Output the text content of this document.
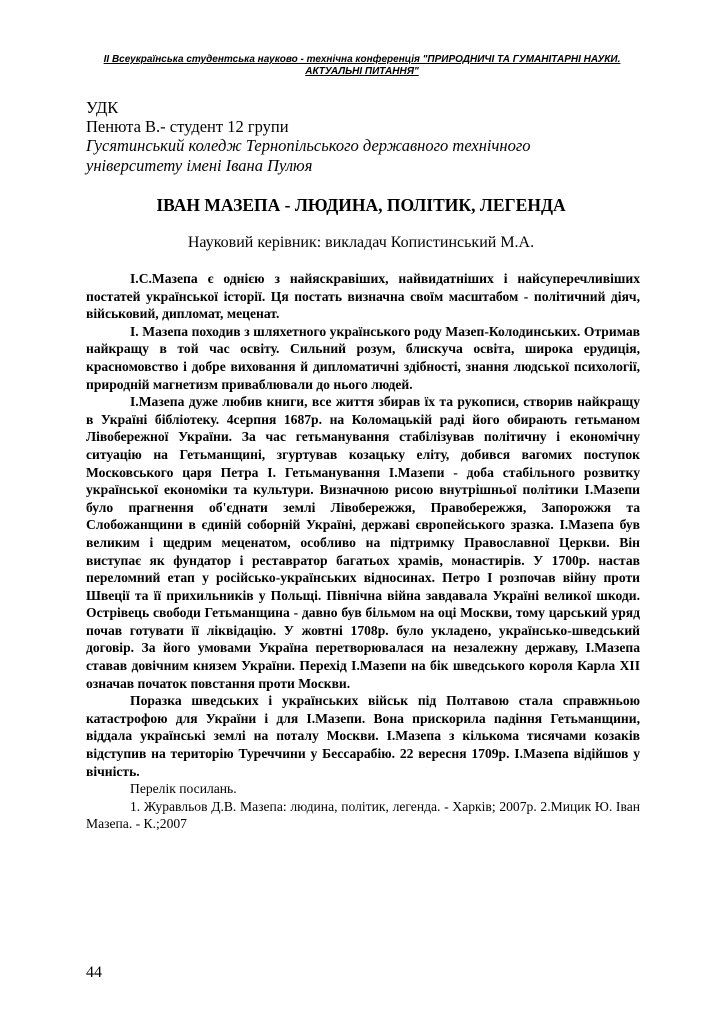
II Всеукраїнська студентська науково - технічна конференція "ПРИРОДНИЧІ ТА ГУМАНІТАРНІ НАУКИ.
АКТУАЛЬНІ ПИТАННЯ"
УДК
Пенюта В.- студент 12 групи
Гусятинський коледж Тернопільського державного технічного
університету імені Івана Пулюя
ІВАН МАЗЕПА - ЛЮДИНА, ПОЛІТИК, ЛЕГЕНДА
Науковий керівник: викладач Копистинський М.А.

І.С.Мазепа є однією з найяскравіших, найвидатніших і найсуперечливіших постатей української історії. Ця постать визначна своїм масштабом - політичний діяч, військовий, дипломат, меценат.

І. Мазепа походив з шляхетного українського роду Мазеп-Колодинських. Отримав найкращу в той час освіту. Сильний розум, блискуча освіта, широка ерудиція, красномовство і добре виховання й дипломатичні здібності, знання людської психології, природній магнетизм приваблювали до нього людей.

І.Мазепа дуже любив книги, все життя збирав їх та рукописи, створив найкращу в Україні бібліотеку. 4серпня 1687р. на Коломацькій раді його обирають гетьманом Лівобережної України. За час гетьманування стабілізував політичну і економічну ситуацію на Гетьманщині, згуртував козацьку еліту, добився вагомих поступок Московського царя Петра І. Гетьманування І.Мазепи - доба стабільного розвитку української економіки та культури. Визначною рисою внутрішньої політики І.Мазепи було прагнення об'єднати землі Лівобережжя, Правобережжя, Запорожжя та Слобожанщини в єдиній соборній Україні, державі європейського зразка. І.Мазепа був великим і щедрим меценатом, особливо на підтримку Православної Церкви. Він виступає як фундатор і реставратор багатьох храмів, монастирів. У 1700р. настав переломний етап у російсько-українських відносинах. Петро І розпочав війну проти Швеції та її прихильників у Польщі. Північна війна завдавала Україні великої шкоди. Острівець свободи Гетьманщина - давно був більмом на оці Москви, тому царський уряд почав готувати її ліквідацію. У жовтні 1708р. було укладено, українсько-шведський договір. За його умовами Україна перетворювалася на незалежну державу, І.Мазепа ставав довічним князем України. Перехід І.Мазепи на бік шведського короля Карла XII означав початок повстання проти Москви.

Поразка шведських і українських військ під Полтавою стала справжньою катастрофою для України і для І.Мазепи. Вона прискорила падіння Гетьманщини, віддала українські землі на поталу Москви. І.Мазепа з кількома тисячами козаків відступив на територію Туреччини у Бессарабію. 22 вересня 1709р. І.Мазепа відійшов у вічність.

Перелік посилань.

1. Журавльов Д.В. Мазепа: людина, політик, легенда. - Харків; 2007р. 2.Мицик Ю. Іван Мазепа. - К.;2007

44
